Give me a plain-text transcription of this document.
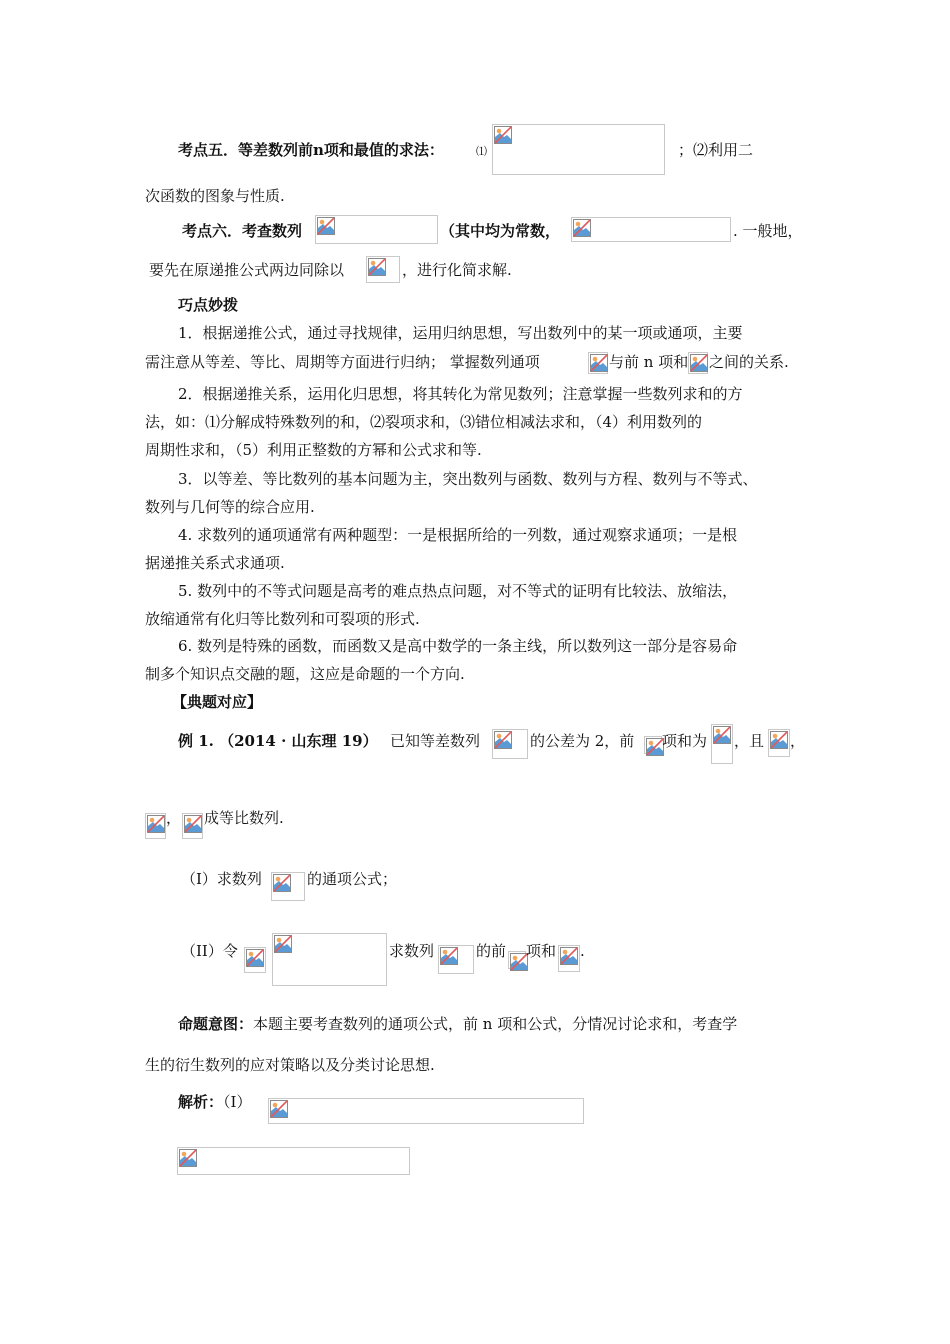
考点五．等差数列前n项和最值的求法：	⑴	；⑵利用二
次函数的图象与性质.
考点六．考查数列	（其中均为常数，	. 一般地，
要先在原递推公式两边同除以	，进行化简求解.
巧点妙拨
1．根据递推公式，通过寻找规律，运用归纳思想，写出数列中的某一项或通项，主要
需注意从等差、等比、周期等方面进行归纳； 掌握数列通项	与前 n 项和 之间的关系.
2．根据递推关系，运用化归思想，将其转化为常见数列；注意掌握一些数列求和的方
法，如：⑴分解成特殊数列的和，⑵裂项求和，⑶错位相减法求和，（4）利用数列的
周期性求和，（5）利用正整数的方幂和公式求和等.
3．以等差、等比数列的基本问题为主，突出数列与函数、数列与方程、数列与不等式、
数列与几何等的综合应用.
4. 求数列的通项通常有两种题型：一是根据所给的一列数，通过观察求通项；一是根
据递推关系式求通项.
5. 数列中的不等式问题是高考的难点热点问题，对不等式的证明有比较法、放缩法，
放缩通常有化归等比数列和可裂项的形式.
6. 数列是特殊的函数，而函数又是高中数学的一条主线，所以数列这一部分是容易命
制多个知识点交融的题，这应是命题的一个方向.
【典题对应】
例 1. （2014 · 山东理 19） 已知等差数列	的公差为 2，前 项和为 ，且 ，
， 成等比数列.
（I）求数列	的通项公式；
（II）令	求数列	的前 项和 .
命题意图：本题主要考查数列的通项公式，前 n 项和公式，分情况讨论求和，考查学
生的衍生数列的应对策略以及分类讨论思想.
解析：（I）
